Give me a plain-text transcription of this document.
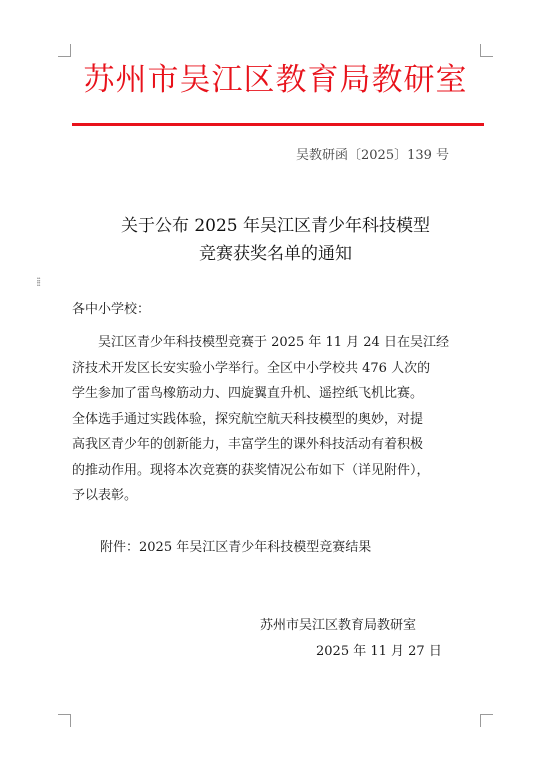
苏州市吴江区教育局教研室
吴教研函〔2025〕139 号
关于公布 2025 年吴江区青少年科技模型
竞赛获奖名单的通知
⁞⁞
各中小学校：
吴江区青少年科技模型竞赛于 2025 年 11 月 24 日在吴江经
济技术开发区长安实验小学举行。全区中小学校共 476 人次的
学生参加了雷鸟橡筋动力、四旋翼直升机、遥控纸飞机比赛。
全体选手通过实践体验，探究航空航天科技模型的奥妙，对提
高我区青少年的创新能力，丰富学生的课外科技活动有着积极
的推动作用。现将本次竞赛的获奖情况公布如下（详见附件），
予以表彰。
附件：2025 年吴江区青少年科技模型竞赛结果
苏州市吴江区教育局教研室
2025 年 11 月 27 日
